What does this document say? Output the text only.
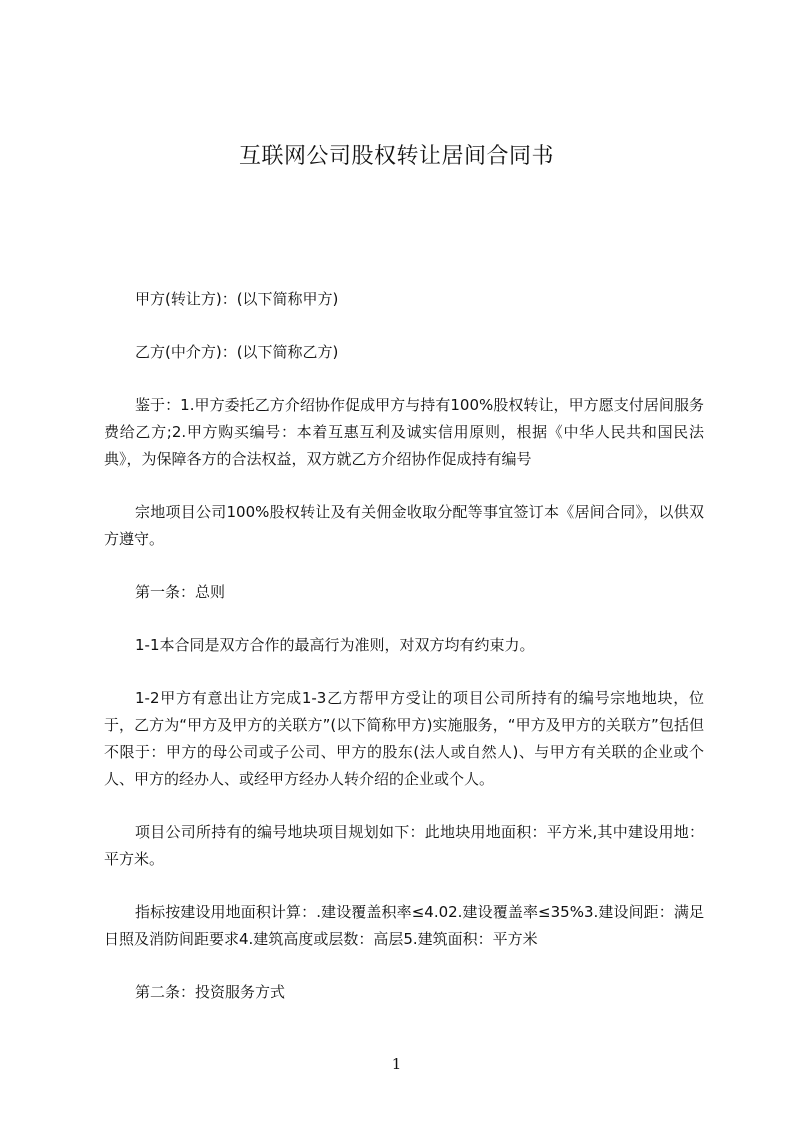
互联网公司股权转让居间合同书

甲方(转让方)：(以下简称甲方)

乙方(中介方)：(以下简称乙方)

鉴于：1.甲方委托乙方介绍协作促成甲方与持有100%股权转让，甲方愿支付居间服务费给乙方;2.甲方购买编号：本着互惠互利及诚实信用原则，根据《中华人民共和国民法典》，为保障各方的合法权益，双方就乙方介绍协作促成持有编号

宗地项目公司100%股权转让及有关佣金收取分配等事宜签订本《居间合同》，以供双方遵守。

第一条：总则

1-1本合同是双方合作的最高行为准则，对双方均有约束力。

1-2甲方有意出让方完成1-3乙方帮甲方受让的项目公司所持有的编号宗地地块，位于，乙方为“甲方及甲方的关联方”(以下简称甲方)实施服务，“甲方及甲方的关联方”包括但不限于：甲方的母公司或子公司、甲方的股东(法人或自然人)、与甲方有关联的企业或个人、甲方的经办人、或经甲方经办人转介绍的企业或个人。

项目公司所持有的编号地块项目规划如下：此地块用地面积：平方米,其中建设用地：平方米。

指标按建设用地面积计算：.建设覆盖积率≤4.02.建设覆盖率≤35%3.建设间距：满足日照及消防间距要求4.建筑高度或层数：高层5.建筑面积：平方米

第二条：投资服务方式

1
